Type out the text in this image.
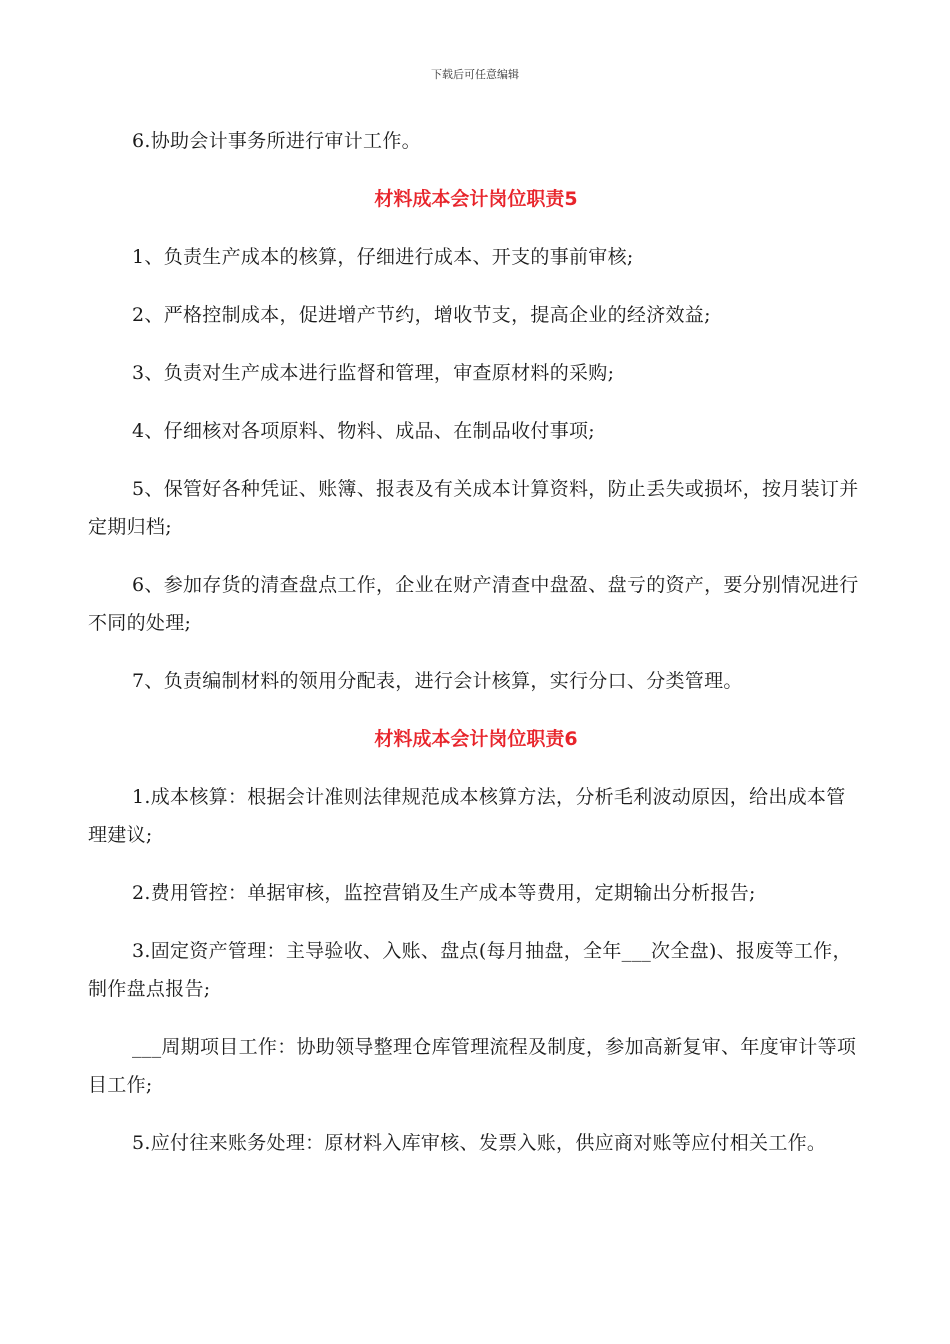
下载后可任意编辑

6.协助会计事务所进行审计工作。

材料成本会计岗位职责5

1、负责生产成本的核算，仔细进行成本、开支的事前审核;

2、严格控制成本，促进增产节约，增收节支，提高企业的经济效益;

3、负责对生产成本进行监督和管理，审查原材料的采购;

4、仔细核对各项原料、物料、成品、在制品收付事项;

5、保管好各种凭证、账簿、报表及有关成本计算资料，防止丢失或损坏，按月装订并定期归档;

6、参加存货的清查盘点工作，企业在财产清查中盘盈、盘亏的资产，要分别情况进行不同的处理;

7、负责编制材料的领用分配表，进行会计核算，实行分口、分类管理。

材料成本会计岗位职责6

1.成本核算：根据会计准则法律规范成本核算方法，分析毛利波动原因，给出成本管理建议;

2.费用管控：单据审核，监控营销及生产成本等费用，定期输出分析报告;

3.固定资产管理：主导验收、入账、盘点(每月抽盘，全年___次全盘)、报废等工作，制作盘点报告;

___周期项目工作：协助领导整理仓库管理流程及制度，参加高新复审、年度审计等项目工作;

5.应付往来账务处理：原材料入库审核、发票入账，供应商对账等应付相关工作。
